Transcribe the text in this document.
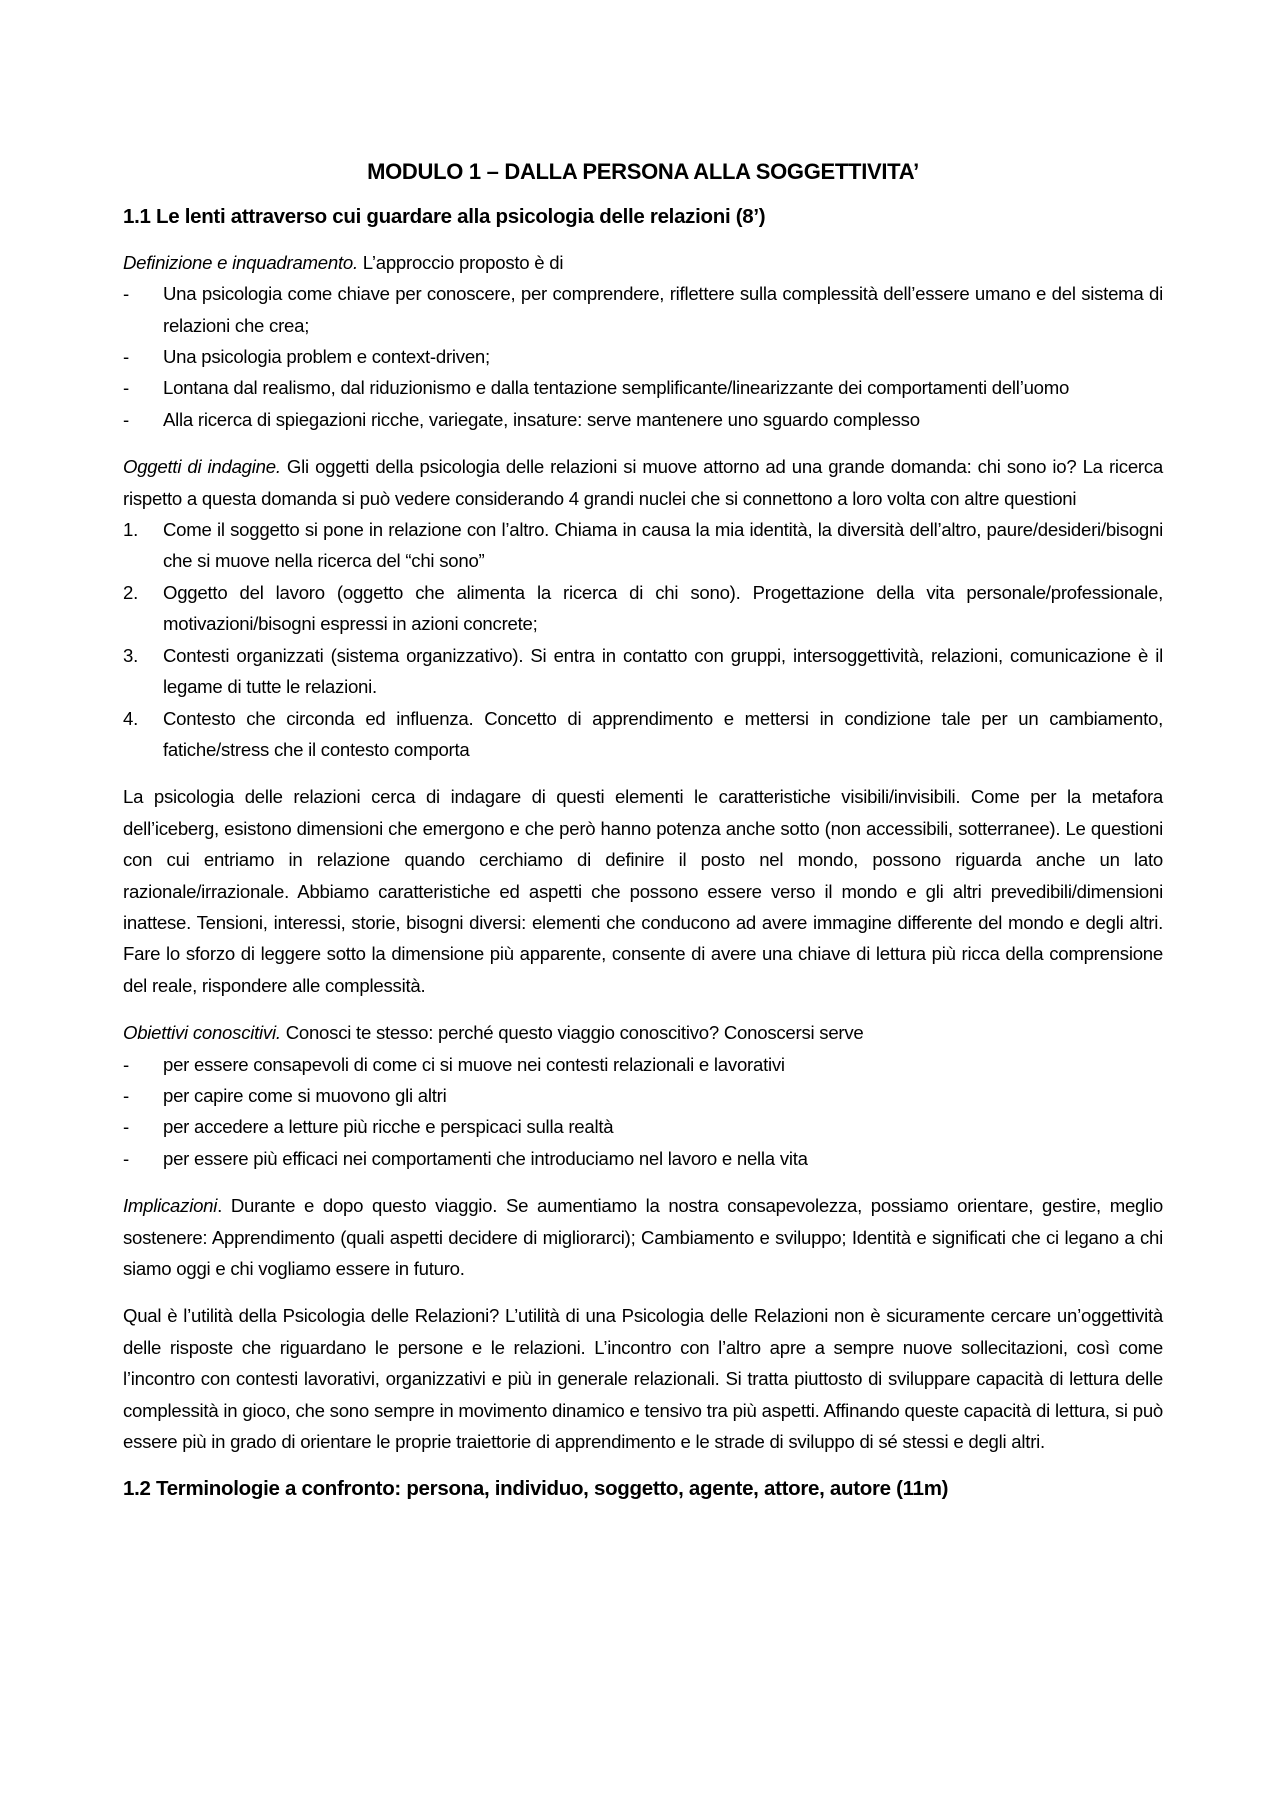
MODULO 1 – DALLA PERSONA ALLA SOGGETTIVITA’
1.1 Le lenti attraverso cui guardare alla psicologia delle relazioni (8’)

Definizione e inquadramento. L’approccio proposto è di

- Una psicologia come chiave per conoscere, per comprendere, riflettere sulla complessità dell’essere umano e del sistema di relazioni che crea;
- Una psicologia problem e context-driven;
- Lontana dal realismo, dal riduzionismo e dalla tentazione semplificante/linearizzante dei comportamenti dell’uomo
- Alla ricerca di spiegazioni ricche, variegate, insature: serve mantenere uno sguardo complesso

Oggetti di indagine. Gli oggetti della psicologia delle relazioni si muove attorno ad una grande domanda: chi sono io? La ricerca rispetto a questa domanda si può vedere considerando 4 grandi nuclei che si connettono a loro volta con altre questioni

1. Come il soggetto si pone in relazione con l’altro. Chiama in causa la mia identità, la diversità dell’altro, paure/desideri/bisogni che si muove nella ricerca del “chi sono”
2. Oggetto del lavoro (oggetto che alimenta la ricerca di chi sono). Progettazione della vita personale/professionale, motivazioni/bisogni espressi in azioni concrete;
3. Contesti organizzati (sistema organizzativo). Si entra in contatto con gruppi, intersoggettività, relazioni, comunicazione è il legame di tutte le relazioni.
4. Contesto che circonda ed influenza. Concetto di apprendimento e mettersi in condizione tale per un cambiamento, fatiche/stress che il contesto comporta

La psicologia delle relazioni cerca di indagare di questi elementi le caratteristiche visibili/invisibili. Come per la metafora dell’iceberg, esistono dimensioni che emergono e che però hanno potenza anche sotto (non accessibili, sotterranee). Le questioni con cui entriamo in relazione quando cerchiamo di definire il posto nel mondo, possono riguarda anche un lato razionale/irrazionale. Abbiamo caratteristiche ed aspetti che possono essere verso il mondo e gli altri prevedibili/dimensioni inattese. Tensioni, interessi, storie, bisogni diversi: elementi che conducono ad avere immagine differente del mondo e degli altri. Fare lo sforzo di leggere sotto la dimensione più apparente, consente di avere una chiave di lettura più ricca della comprensione del reale, rispondere alle complessità.

Obiettivi conoscitivi. Conosci te stesso: perché questo viaggio conoscitivo? Conoscersi serve

- per essere consapevoli di come ci si muove nei contesti relazionali e lavorativi
- per capire come si muovono gli altri
- per accedere a letture più ricche e perspicaci sulla realtà
- per essere più efficaci nei comportamenti che introduciamo nel lavoro e nella vita

Implicazioni. Durante e dopo questo viaggio. Se aumentiamo la nostra consapevolezza, possiamo orientare, gestire, meglio sostenere: Apprendimento (quali aspetti decidere di migliorarci); Cambiamento e sviluppo; Identità e significati che ci legano a chi siamo oggi e chi vogliamo essere in futuro.

Qual è l’utilità della Psicologia delle Relazioni? L’utilità di una Psicologia delle Relazioni non è sicuramente cercare un’oggettività delle risposte che riguardano le persone e le relazioni. L’incontro con l’altro apre a sempre nuove sollecitazioni, così come l’incontro con contesti lavorativi, organizzativi e più in generale relazionali. Si tratta piuttosto di sviluppare capacità di lettura delle complessità in gioco, che sono sempre in movimento dinamico e tensivo tra più aspetti. Affinando queste capacità di lettura, si può essere più in grado di orientare le proprie traiettorie di apprendimento e le strade di sviluppo di sé stessi e degli altri.

1.2 Terminologie a confronto: persona, individuo, soggetto, agente, attore, autore (11m)
